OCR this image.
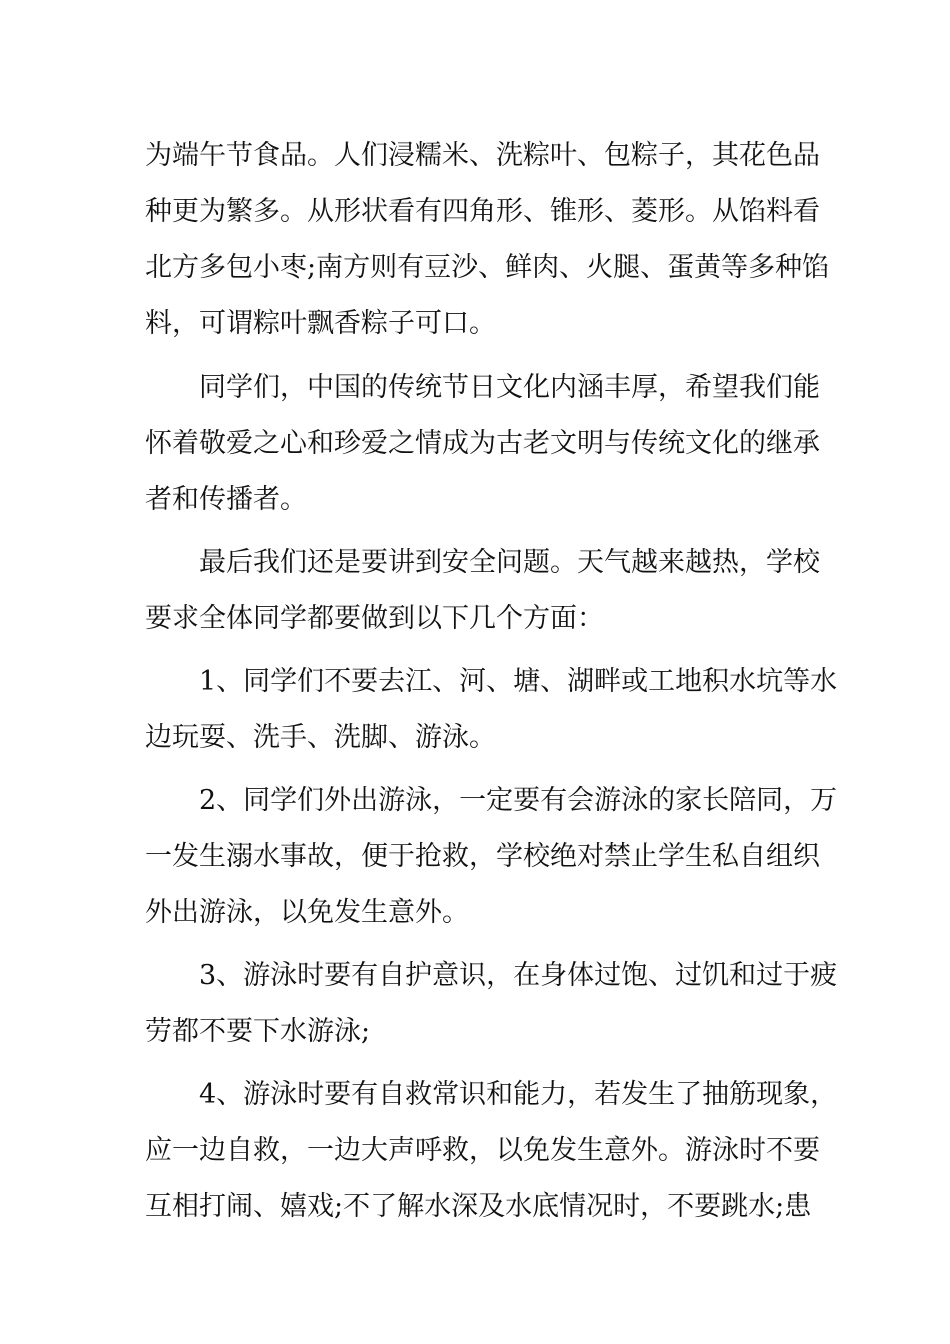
为端午节食品。人们浸糯米、洗粽叶、包粽子，其花色品
种更为繁多。从形状看有四角形、锥形、菱形。从馅料看
北方多包小枣;南方则有豆沙、鲜肉、火腿、蛋黄等多种馅
料，可谓粽叶飘香粽子可口。
同学们，中国的传统节日文化内涵丰厚，希望我们能
怀着敬爱之心和珍爱之情成为古老文明与传统文化的继承
者和传播者。
最后我们还是要讲到安全问题。天气越来越热，学校
要求全体同学都要做到以下几个方面：
1、同学们不要去江、河、塘、湖畔或工地积水坑等水
边玩耍、洗手、洗脚、游泳。
2、同学们外出游泳，一定要有会游泳的家长陪同，万
一发生溺水事故，便于抢救，学校绝对禁止学生私自组织
外出游泳，以免发生意外。
3、游泳时要有自护意识，在身体过饱、过饥和过于疲
劳都不要下水游泳;
4、游泳时要有自救常识和能力，若发生了抽筋现象，
应一边自救，一边大声呼救，以免发生意外。游泳时不要
互相打闹、嬉戏;不了解水深及水底情况时，不要跳水;患
